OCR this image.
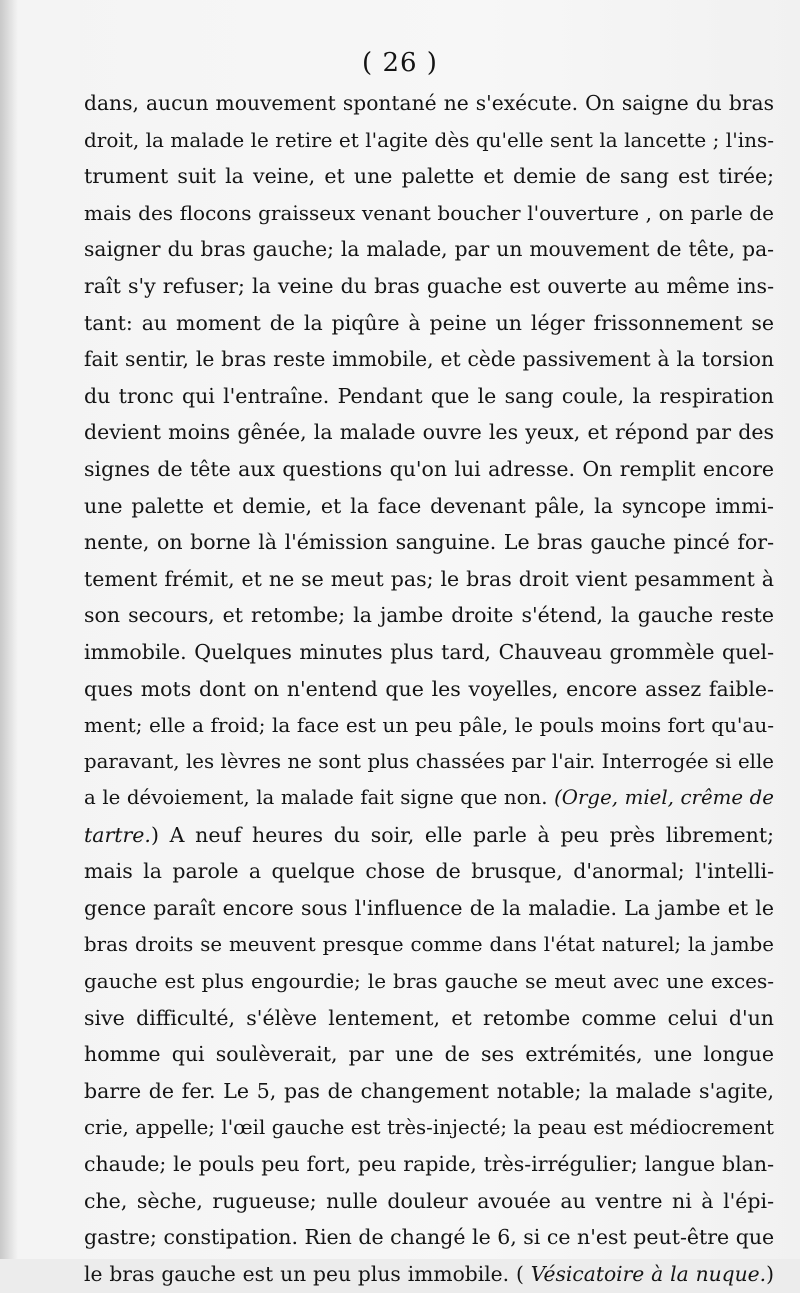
( 26 )
dans, aucun mouvement spontané ne s'exécute. On saigne du bras
droit, la malade le retire et l'agite dès qu'elle sent la lancette ; l'ins-
trument suit la veine, et une palette et demie de sang est tirée;
mais des flocons graisseux venant boucher l'ouverture , on parle de
saigner du bras gauche; la malade, par un mouvement de tête, pa-
raît s'y refuser; la veine du bras guache est ouverte au même ins-
tant: au moment de la piqûre à peine un léger frissonnement se
fait sentir, le bras reste immobile, et cède passivement à la torsion
du tronc qui l'entraîne. Pendant que le sang coule, la respiration
devient moins gênée, la malade ouvre les yeux, et répond par des
signes de tête aux questions qu'on lui adresse. On remplit encore
une palette et demie, et la face devenant pâle, la syncope immi-
nente, on borne là l'émission sanguine. Le bras gauche pincé for-
tement frémit, et ne se meut pas; le bras droit vient pesamment à
son secours, et retombe; la jambe droite s'étend, la gauche reste
immobile. Quelques minutes plus tard, Chauveau grommèle quel-
ques mots dont on n'entend que les voyelles, encore assez faible-
ment; elle a froid; la face est un peu pâle, le pouls moins fort qu'au-
paravant, les lèvres ne sont plus chassées par l'air. Interrogée si elle
a le dévoiement, la malade fait signe que non. (Orge, miel, crême de
tartre.) A neuf heures du soir, elle parle à peu près librement;
mais la parole a quelque chose de brusque, d'anormal; l'intelli-
gence paraît encore sous l'influence de la maladie. La jambe et le
bras droits se meuvent presque comme dans l'état naturel; la jambe
gauche est plus engourdie; le bras gauche se meut avec une exces-
sive difficulté, s'élève lentement, et retombe comme celui d'un
homme qui soulèverait, par une de ses extrémités, une longue
barre de fer. Le 5, pas de changement notable; la malade s'agite,
crie, appelle; l'œil gauche est très-injecté; la peau est médiocrement
chaude; le pouls peu fort, peu rapide, très-irrégulier; langue blan-
che, sèche, rugueuse; nulle douleur avouée au ventre ni à l'épi-
gastre; constipation. Rien de changé le 6, si ce n'est peut-être que
le bras gauche est un peu plus immobile. ( Vésicatoire à la nuque.)
